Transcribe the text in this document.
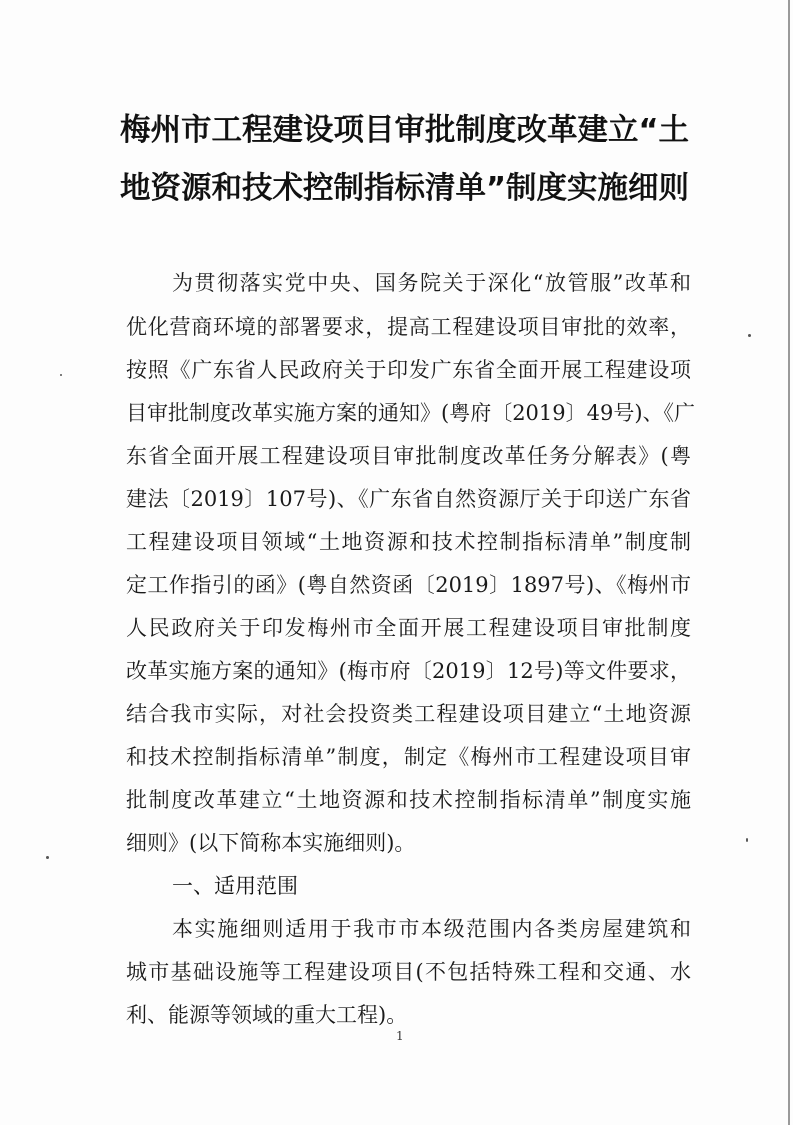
梅州市工程建设项目审批制度改革建立“土
地资源和技术控制指标清单”制度实施细则
为贯彻落实党中央、国务院关于深化“放管服”改革和
优化营商环境的部署要求，提高工程建设项目审批的效率，
按照《广东省人民政府关于印发广东省全面开展工程建设项
目审批制度改革实施方案的通知》(粤府〔2019〕49号)、《广
东省全面开展工程建设项目审批制度改革任务分解表》(粤
建法〔2019〕107号)、《广东省自然资源厅关于印送广东省
工程建设项目领域“土地资源和技术控制指标清单”制度制
定工作指引的函》(粤自然资函〔2019〕1897号)、《梅州市
人民政府关于印发梅州市全面开展工程建设项目审批制度
改革实施方案的通知》(梅市府〔2019〕12号)等文件要求，
结合我市实际，对社会投资类工程建设项目建立“土地资源
和技术控制指标清单”制度，制定《梅州市工程建设项目审
批制度改革建立“土地资源和技术控制指标清单”制度实施
细则》(以下简称本实施细则)。
一、适用范围
本实施细则适用于我市市本级范围内各类房屋建筑和
城市基础设施等工程建设项目(不包括特殊工程和交通、水
利、能源等领域的重大工程)。
1
